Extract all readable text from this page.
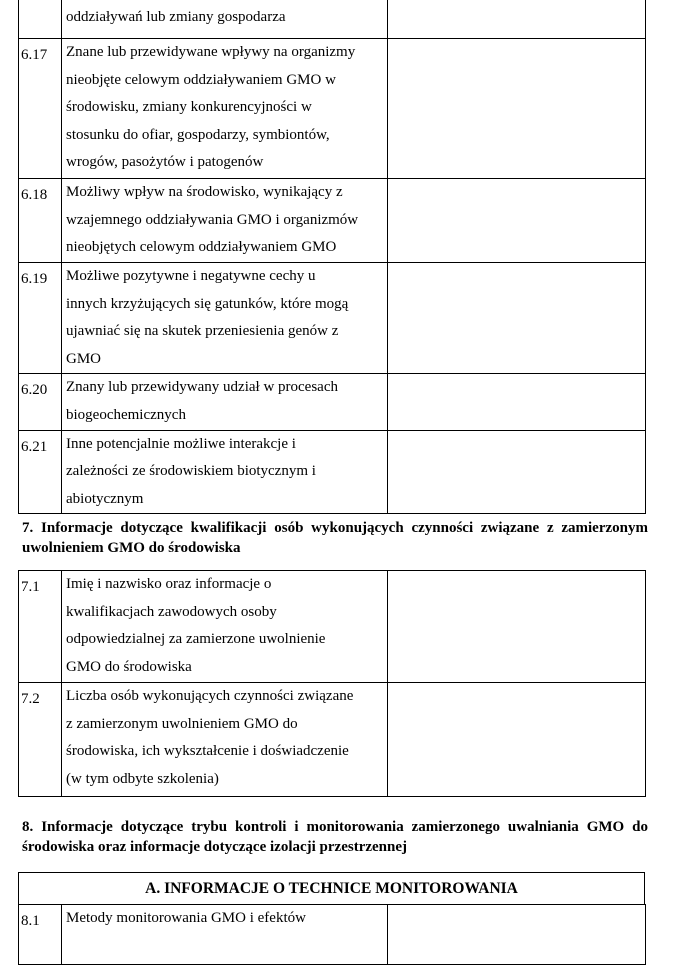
	oddziaływań lub zmiany gospodarza	

6.17	Znane lub przewidywane wpływy na organizmy
nieobjęte celowym oddziaływaniem GMO w
środowisku, zmiany konkurencyjności w
stosunku do ofiar, gospodarzy, symbiontów,
wrogów, pasożytów i patogenów	

6.18	Możliwy wpływ na środowisko, wynikający z
wzajemnego oddziaływania GMO i organizmów
nieobjętych celowym oddziaływaniem GMO	

6.19	Możliwe pozytywne i negatywne cechy u
innych krzyżujących się gatunków, które mogą
ujawniać się na skutek przeniesienia genów z
GMO	

6.20	Znany lub przewidywany udział w procesach
biogeochemicznych	

6.21	Inne potencjalnie możliwe interakcje i
zależności ze środowiskiem biotycznym i
abiotycznym	

7. Informacje dotyczące kwalifikacji osób wykonujących czynności związane z zamierzonym uwolnieniem GMO do środowiska
7.1	Imię i nazwisko oraz informacje o
kwalifikacjach zawodowych osoby
odpowiedzialnej za zamierzone uwolnienie
GMO do środowiska	

7.2	Liczba osób wykonujących czynności związane
z zamierzonym uwolnieniem GMO do
środowiska, ich wykształcenie i doświadczenie
(w tym odbyte szkolenia)	

8. Informacje dotyczące trybu kontroli i monitorowania zamierzonego uwalniania GMO do środowiska oraz informacje dotyczące izolacji przestrzennej
A. INFORMACJE O TECHNICE MONITOROWANIA
8.1	Metody monitorowania GMO i efektów
